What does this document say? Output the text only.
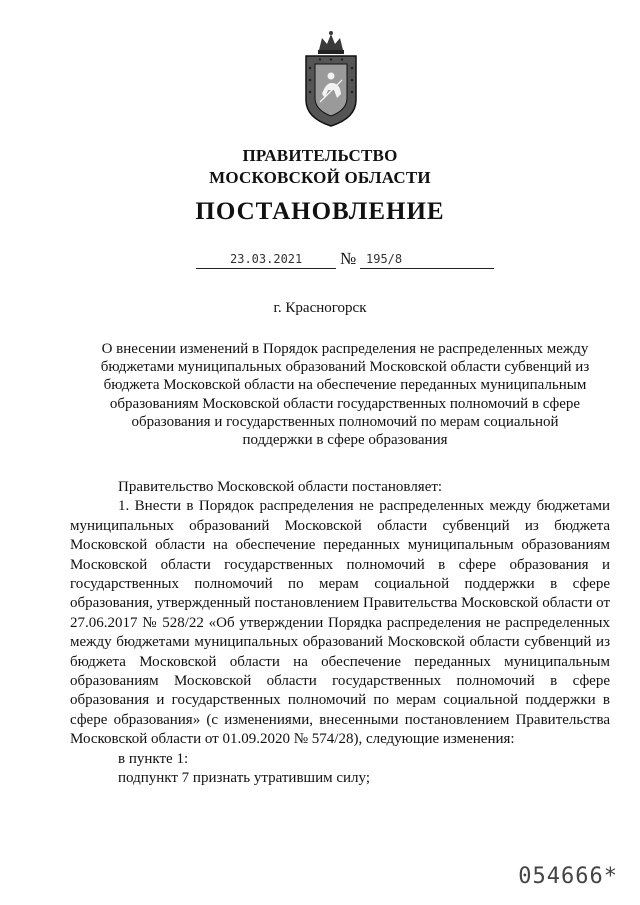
ПРАВИТЕЛЬСТВО
МОСКОВСКОЙ ОБЛАСТИ
ПОСТАНОВЛЕНИЕ
23.03.2021 № 195/8
г. Красногорск
О внесении изменений в Порядок распределения не распределенных между бюджетами муниципальных образований Московской области субвенций из бюджета Московской области на обеспечение переданных муниципальным образованиям Московской области государственных полномочий в сфере образования и государственных полномочий по мерам социальной поддержки в сфере образования

Правительство Московской области постановляет:

1. Внести в Порядок распределения не распределенных между бюджетами муниципальных образований Московской области субвенций из бюджета Московской области на обеспечение переданных муниципальным образованиям Московской области государственных полномочий в сфере образования и государственных полномочий по мерам социальной поддержки в сфере образования, утвержденный постановлением Правительства Московской области от 27.06.2017 № 528/22 «Об утверждении Порядка распределения не распределенных между бюджетами муниципальных образований Московской области субвенций из бюджета Московской области на обеспечение переданных муниципальным образованиям Московской области государственных полномочий в сфере образования и государственных полномочий по мерам социальной поддержки в сфере образования» (с изменениями, внесенными постановлением Правительства Московской области от 01.09.2020 № 574/28), следующие изменения:

в пункте 1:

подпункт 7 признать утратившим силу;

054666*
